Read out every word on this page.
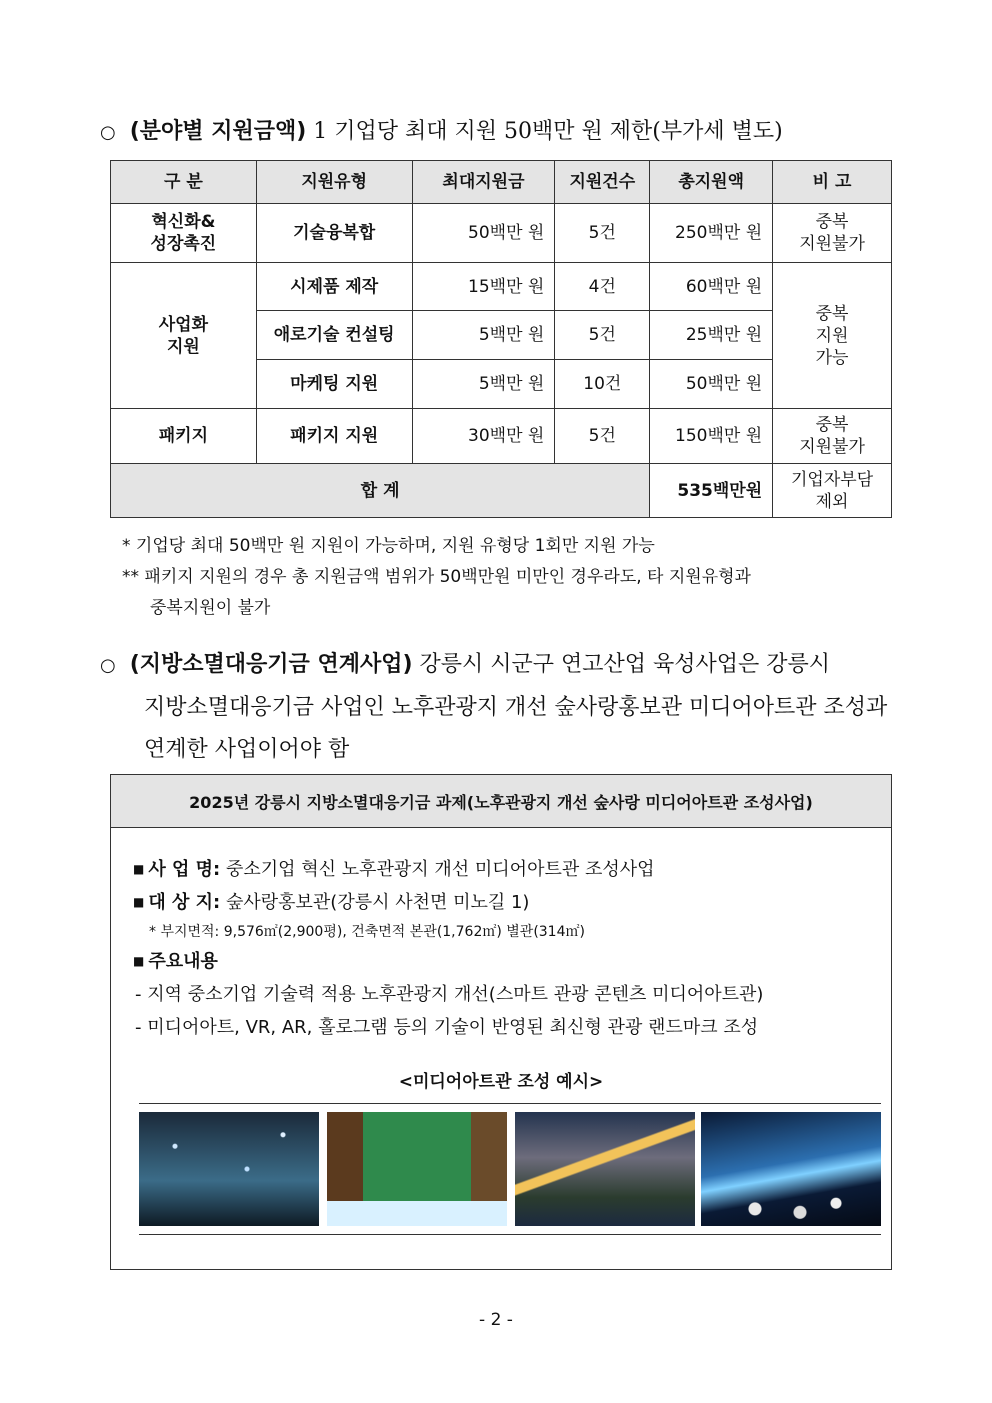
○ (분야별 지원금액) 1 기업당 최대 지원 50백만 원 제한(부가세 별도)
구 분	지원유형	최대지원금	지원건수	총지원액	비 고
혁신화&
성장촉진	기술융복합	50백만 원	5건	250백만 원	중복
지원불가
사업화
지원	시제품 제작	15백만 원	4건	60백만 원	중복
지원
가능
	애로기술 컨설팅	5백만 원	5건	25백만 원	
	마케팅 지원	5백만 원	10건	50백만 원	
패키지	패키지 지원	30백만 원	5건	150백만 원	중복
지원불가
합 계				535백만원	기업자부담
제외
* 기업당 최대 50백만 원 지원이 가능하며, 지원 유형당 1회만 지원 가능
** 패키지 지원의 경우 총 지원금액 범위가 50백만원 미만인 경우라도, 타 지원유형과
중복지원이 불가
○ (지방소멸대응기금 연계사업) 강릉시 시군구 연고산업 육성사업은 강릉시
지방소멸대응기금 사업인 노후관광지 개선 숲사랑홍보관 미디어아트관 조성과
연계한 사업이어야 함
2025년 강릉시 지방소멸대응기금 과제(노후관광지 개선 숲사랑 미디어아트관 조성사업)
■ 사 업 명: 중소기업 혁신 노후관광지 개선 미디어아트관 조성사업
■ 대 상 지: 숲사랑홍보관(강릉시 사천면 미노길 1)
* 부지면적: 9,576㎡(2,900평), 건축면적 본관(1,762㎡) 별관(314㎡)
■ 주요내용
- 지역 중소기업 기술력 적용 노후관광지 개선(스마트 관광 콘텐츠 미디어아트관)
- 미디어아트, VR, AR, 홀로그램 등의 기술이 반영된 최신형 관광 랜드마크 조성
<미디어아트관 조성 예시>
- 2 -
